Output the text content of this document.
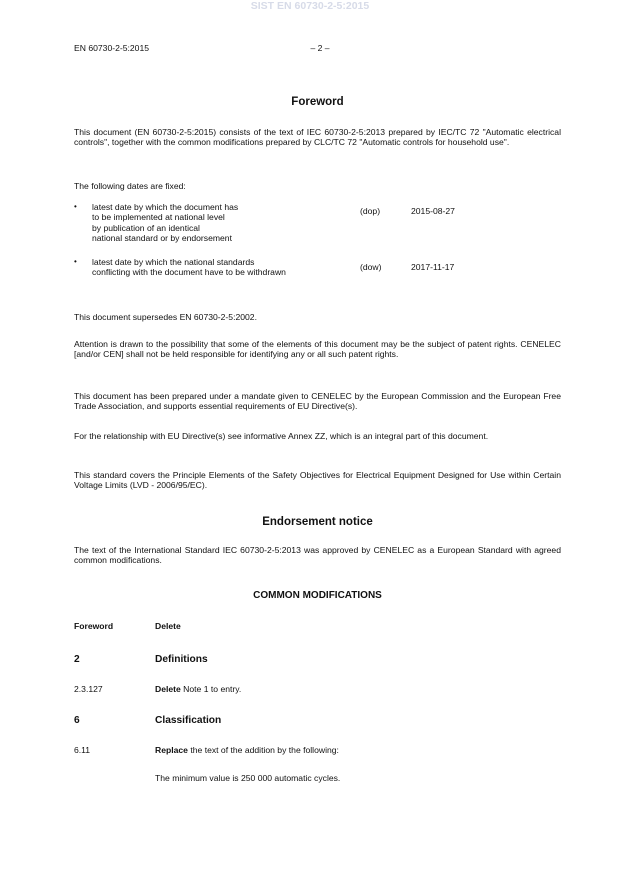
SIST EN 60730-2-5:2015
EN 60730-2-5:2015	– 2 –
Foreword
This document (EN 60730-2-5:2015) consists of the text of IEC 60730-2-5:2013 prepared by IEC/TC 72 "Automatic electrical controls", together with the common modifications prepared by CLC/TC 72 "Automatic controls for household use".
The following dates are fixed:
• latest date by which the document has
to be implemented at national level
by publication of an identical
national standard or by endorsement
(dop)	2015-08-27
• latest date by which the national standards
conflicting with the document have to be withdrawn
(dow)	2017-11-17
This document supersedes EN 60730-2-5:2002.
Attention is drawn to the possibility that some of the elements of this document may be the subject of patent rights. CENELEC [and/or CEN] shall not be held responsible for identifying any or all such patent rights.
This document has been prepared under a mandate given to CENELEC by the European Commission and the European Free Trade Association, and supports essential requirements of EU Directive(s).
For the relationship with EU Directive(s) see informative Annex ZZ, which is an integral part of this document.
This standard covers the Principle Elements of the Safety Objectives for Electrical Equipment Designed for Use within Certain Voltage Limits (LVD - 2006/95/EC).
Endorsement notice
The text of the International Standard IEC 60730-2-5:2013 was approved by CENELEC as a European Standard with agreed common modifications.
COMMON MODIFICATIONS
Foreword	Delete
2	Definitions
2.3.127	Delete Note 1 to entry.
6	Classification
6.11	Replace the text of the addition by the following:
The minimum value is 250 000 automatic cycles.
